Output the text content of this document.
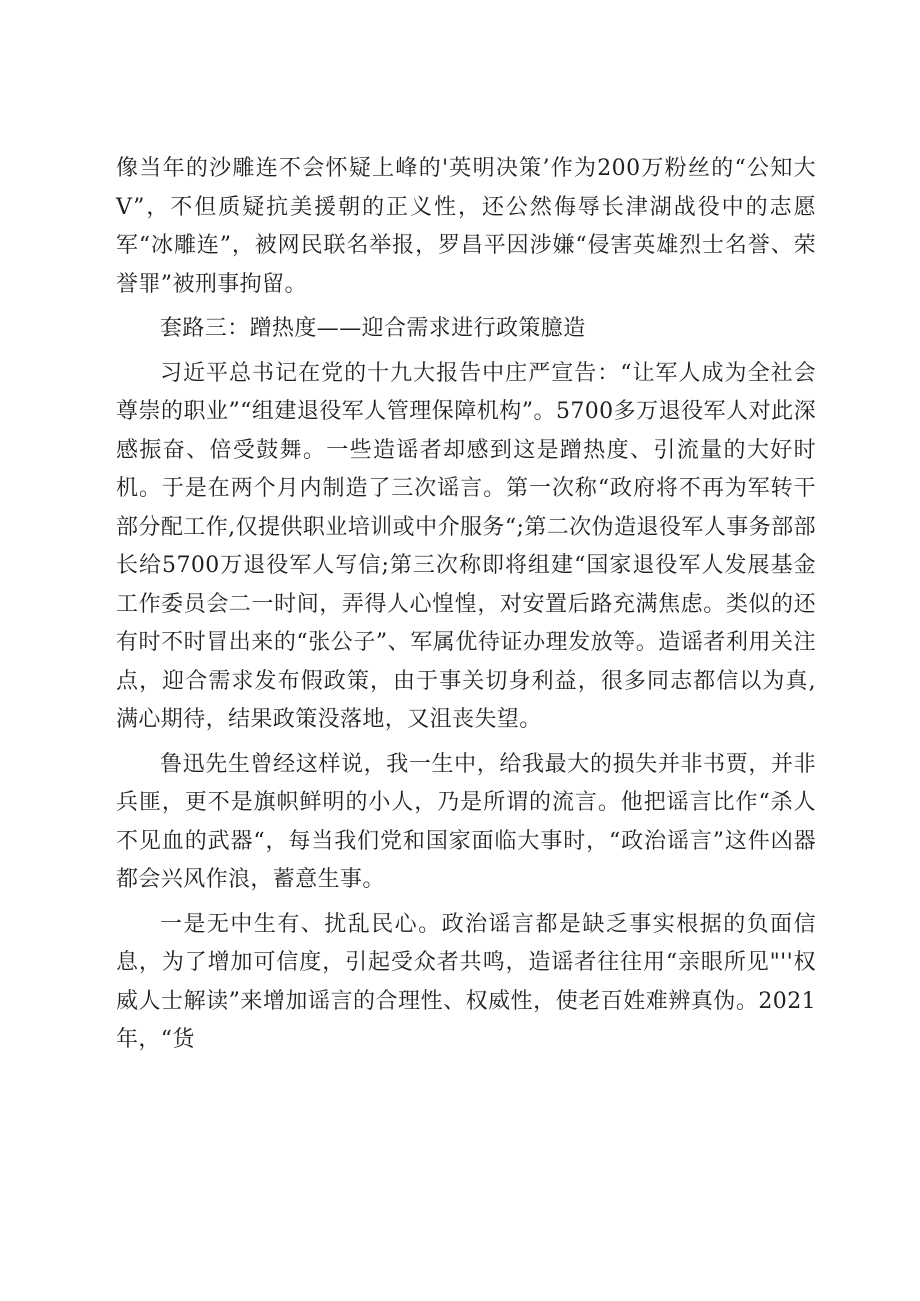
像当年的沙雕连不会怀疑上峰的'英明决策’作为200万粉丝的“公知大V”，不但质疑抗美援朝的正义性，还公然侮辱长津湖战役中的志愿军“冰雕连”，被网民联名举报，罗昌平因涉嫌“侵害英雄烈士名誉、荣誉罪”被刑事拘留。

套路三：蹭热度——迎合需求进行政策臆造

习近平总书记在党的十九大报告中庄严宣告：“让军人成为全社会尊崇的职业”“组建退役军人管理保障机构”。5700多万退役军人对此深感振奋、倍受鼓舞。一些造谣者却感到这是蹭热度、引流量的大好时机。于是在两个月内制造了三次谣言。第一次称“政府将不再为军转干部分配工作,仅提供职业培训或中介服务“;第二次伪造退役军人事务部部长给5700万退役军人写信;第三次称即将组建“国家退役军人发展基金工作委员会二一时间，弄得人心惶惶，对安置后路充满焦虑。类似的还有时不时冒出来的“张公子”、军属优待证办理发放等。造谣者利用关注点，迎合需求发布假政策，由于事关切身利益，很多同志都信以为真,满心期待，结果政策没落地，又沮丧失望。

鲁迅先生曾经这样说，我一生中，给我最大的损失并非书贾，并非兵匪，更不是旗帜鲜明的小人，乃是所谓的流言。他把谣言比作“杀人不见血的武器“，每当我们党和国家面临大事时，“政治谣言”这件凶器都会兴风作浪，蓄意生事。

一是无中生有、扰乱民心。政治谣言都是缺乏事实根据的负面信息，为了增加可信度，引起受众者共鸣，造谣者往往用“亲眼所见"''权威人士解读”来增加谣言的合理性、权威性，使老百姓难辨真伪。2021年，“货
